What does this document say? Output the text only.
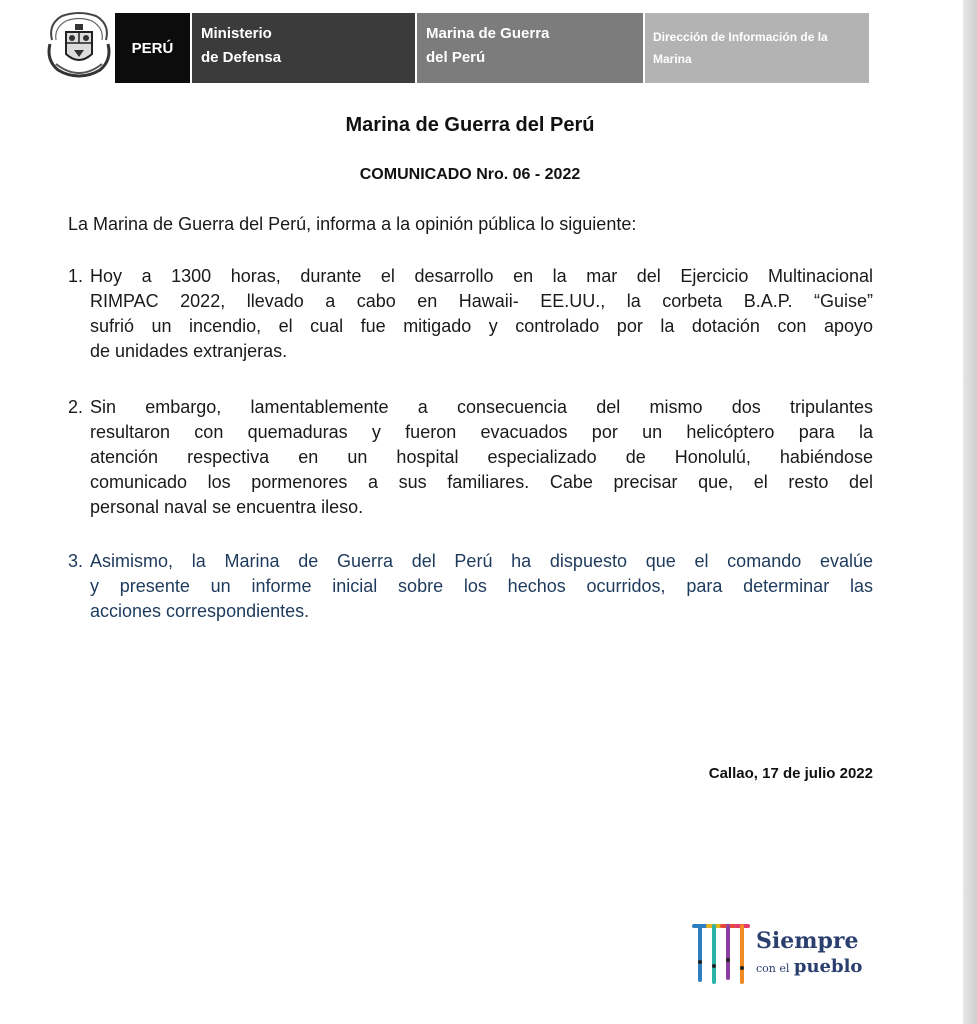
PERÚ
Ministerio
de Defensa
Marina de Guerra
del Perú
Dirección de Información de la
Marina
Marina de Guerra del Perú
COMUNICADO Nro. 06 - 2022
La Marina de Guerra del Perú, informa a la opinión pública lo siguiente:
1. Hoy a 1300 horas, durante el desarrollo en la mar del Ejercicio Multinacional
RIMPAC 2022, llevado a cabo en Hawaii- EE.UU., la corbeta B.A.P. “Guise”
sufrió un incendio, el cual fue mitigado y controlado por la dotación con apoyo
de unidades extranjeras.
2. Sin embargo, lamentablemente a consecuencia del mismo dos tripulantes
resultaron con quemaduras y fueron evacuados por un helicóptero para la
atención respectiva en un hospital especializado de Honolulú, habiéndose
comunicado los pormenores a sus familiares. Cabe precisar que, el resto del
personal naval se encuentra ileso.
3. Asimismo, la Marina de Guerra del Perú ha dispuesto que el comando evalúe
y presente un informe inicial sobre los hechos ocurridos, para determinar las
acciones correspondientes.
Callao, 17 de julio 2022
Siempre
con el pueblo
